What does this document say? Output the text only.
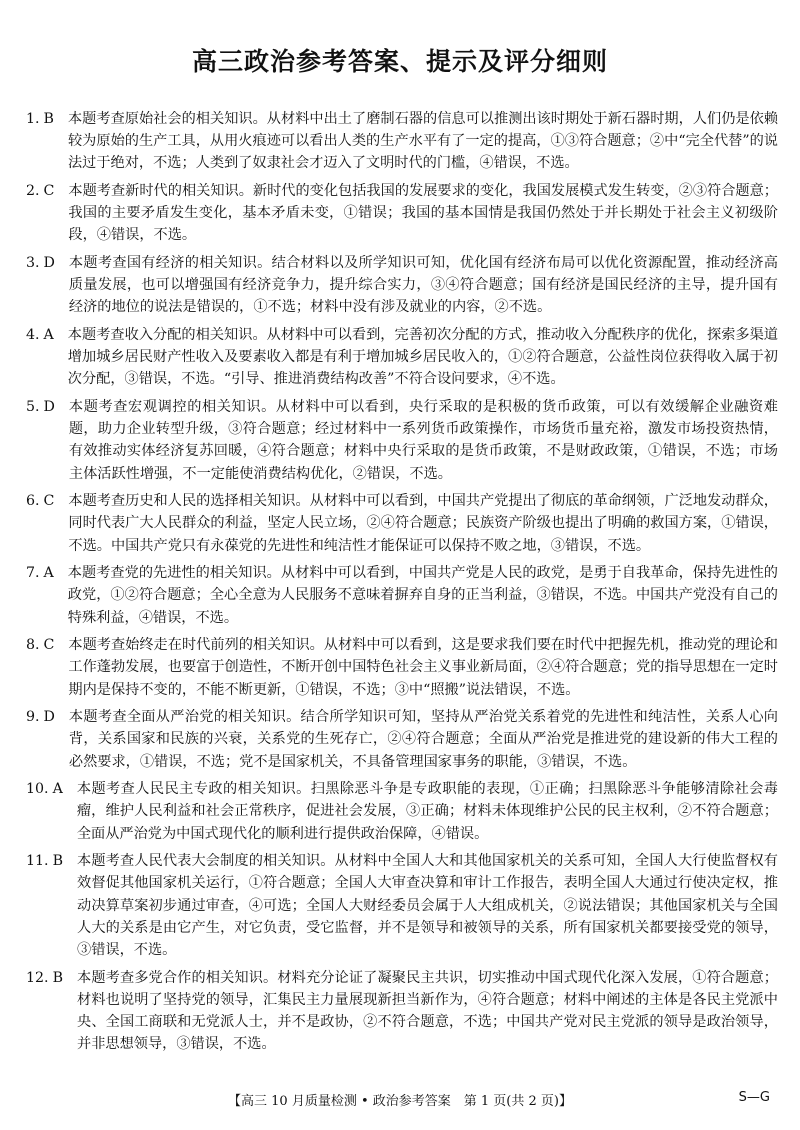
高三政治参考答案、提示及评分细则
1. B 本题考查原始社会的相关知识。从材料中出土了磨制石器的信息可以推测出该时期处于新石器时期，人们仍是依赖较为原始的生产工具，从用火痕迹可以看出人类的生产水平有了一定的提高，①③符合题意；②中“完全代替”的说法过于绝对，不选；人类到了奴隶社会才迈入了文明时代的门槛，④错误，不选。
2. C 本题考查新时代的相关知识。新时代的变化包括我国的发展要求的变化，我国发展模式发生转变，②③符合题意；我国的主要矛盾发生变化，基本矛盾未变，①错误；我国的基本国情是我国仍然处于并长期处于社会主义初级阶段，④错误，不选。
3. D 本题考查国有经济的相关知识。结合材料以及所学知识可知，优化国有经济布局可以优化资源配置，推动经济高质量发展，也可以增强国有经济竞争力，提升综合实力，③④符合题意；国有经济是国民经济的主导，提升国有经济的地位的说法是错误的，①不选；材料中没有涉及就业的内容，②不选。
4. A 本题考查收入分配的相关知识。从材料中可以看到，完善初次分配的方式，推动收入分配秩序的优化，探索多渠道增加城乡居民财产性收入及要素收入都是有利于增加城乡居民收入的，①②符合题意，公益性岗位获得收入属于初次分配，③错误，不选。“引导、推进消费结构改善”不符合设问要求，④不选。
5. D 本题考查宏观调控的相关知识。从材料中可以看到，央行采取的是积极的货币政策，可以有效缓解企业融资难题，助力企业转型升级，③符合题意；经过材料中一系列货币政策操作，市场货币量充裕，激发市场投资热情，有效推动实体经济复苏回暖，④符合题意；材料中央行采取的是货币政策，不是财政政策，①错误，不选；市场主体活跃性增强，不一定能使消费结构优化，②错误，不选。
6. C 本题考查历史和人民的选择相关知识。从材料中可以看到，中国共产党提出了彻底的革命纲领，广泛地发动群众，同时代表广大人民群众的利益，坚定人民立场，②④符合题意；民族资产阶级也提出了明确的救国方案，①错误，不选。中国共产党只有永葆党的先进性和纯洁性才能保证可以保持不败之地，③错误，不选。
7. A 本题考查党的先进性的相关知识。从材料中可以看到，中国共产党是人民的政党，是勇于自我革命，保持先进性的政党，①②符合题意；全心全意为人民服务不意味着摒弃自身的正当利益，③错误，不选。中国共产党没有自己的特殊利益，④错误，不选。
8. C 本题考查始终走在时代前列的相关知识。从材料中可以看到，这是要求我们要在时代中把握先机，推动党的理论和工作蓬勃发展，也要富于创造性，不断开创中国特色社会主义事业新局面，②④符合题意；党的指导思想在一定时期内是保持不变的，不能不断更新，①错误，不选；③中“照搬”说法错误，不选。
9. D 本题考查全面从严治党的相关知识。结合所学知识可知，坚持从严治党关系着党的先进性和纯洁性，关系人心向背，关系国家和民族的兴衰，关系党的生死存亡，②④符合题意；全面从严治党是推进党的建设新的伟大工程的必然要求，①错误，不选；党不是国家机关，不具备管理国家事务的职能，③错误，不选。
10. A 本题考查人民民主专政的相关知识。扫黑除恶斗争是专政职能的表现，①正确；扫黑除恶斗争能够清除社会毒瘤，维护人民利益和社会正常秩序，促进社会发展，③正确；材料未体现维护公民的民主权利，②不符合题意；全面从严治党为中国式现代化的顺利进行提供政治保障，④错误。
11. B 本题考查人民代表大会制度的相关知识。从材料中全国人大和其他国家机关的关系可知，全国人大行使监督权有效督促其他国家机关运行，①符合题意；全国人大审查决算和审计工作报告，表明全国人大通过行使决定权，推动决算草案初步通过审查，④可选；全国人大财经委员会属于人大组成机关，②说法错误；其他国家机关与全国人大的关系是由它产生，对它负责，受它监督，并不是领导和被领导的关系，所有国家机关都要接受党的领导，③错误，不选。
12. B 本题考查多党合作的相关知识。材料充分论证了凝聚民主共识，切实推动中国式现代化深入发展，①符合题意；材料也说明了坚持党的领导，汇集民主力量展现新担当新作为，④符合题意；材料中阐述的主体是各民主党派中央、全国工商联和无党派人士，并不是政协，②不符合题意，不选；中国共产党对民主党派的领导是政治领导，并非思想领导，③错误，不选。
【高三 10 月质量检测 • 政治参考答案　第 1 页(共 2 页)】	S—G
